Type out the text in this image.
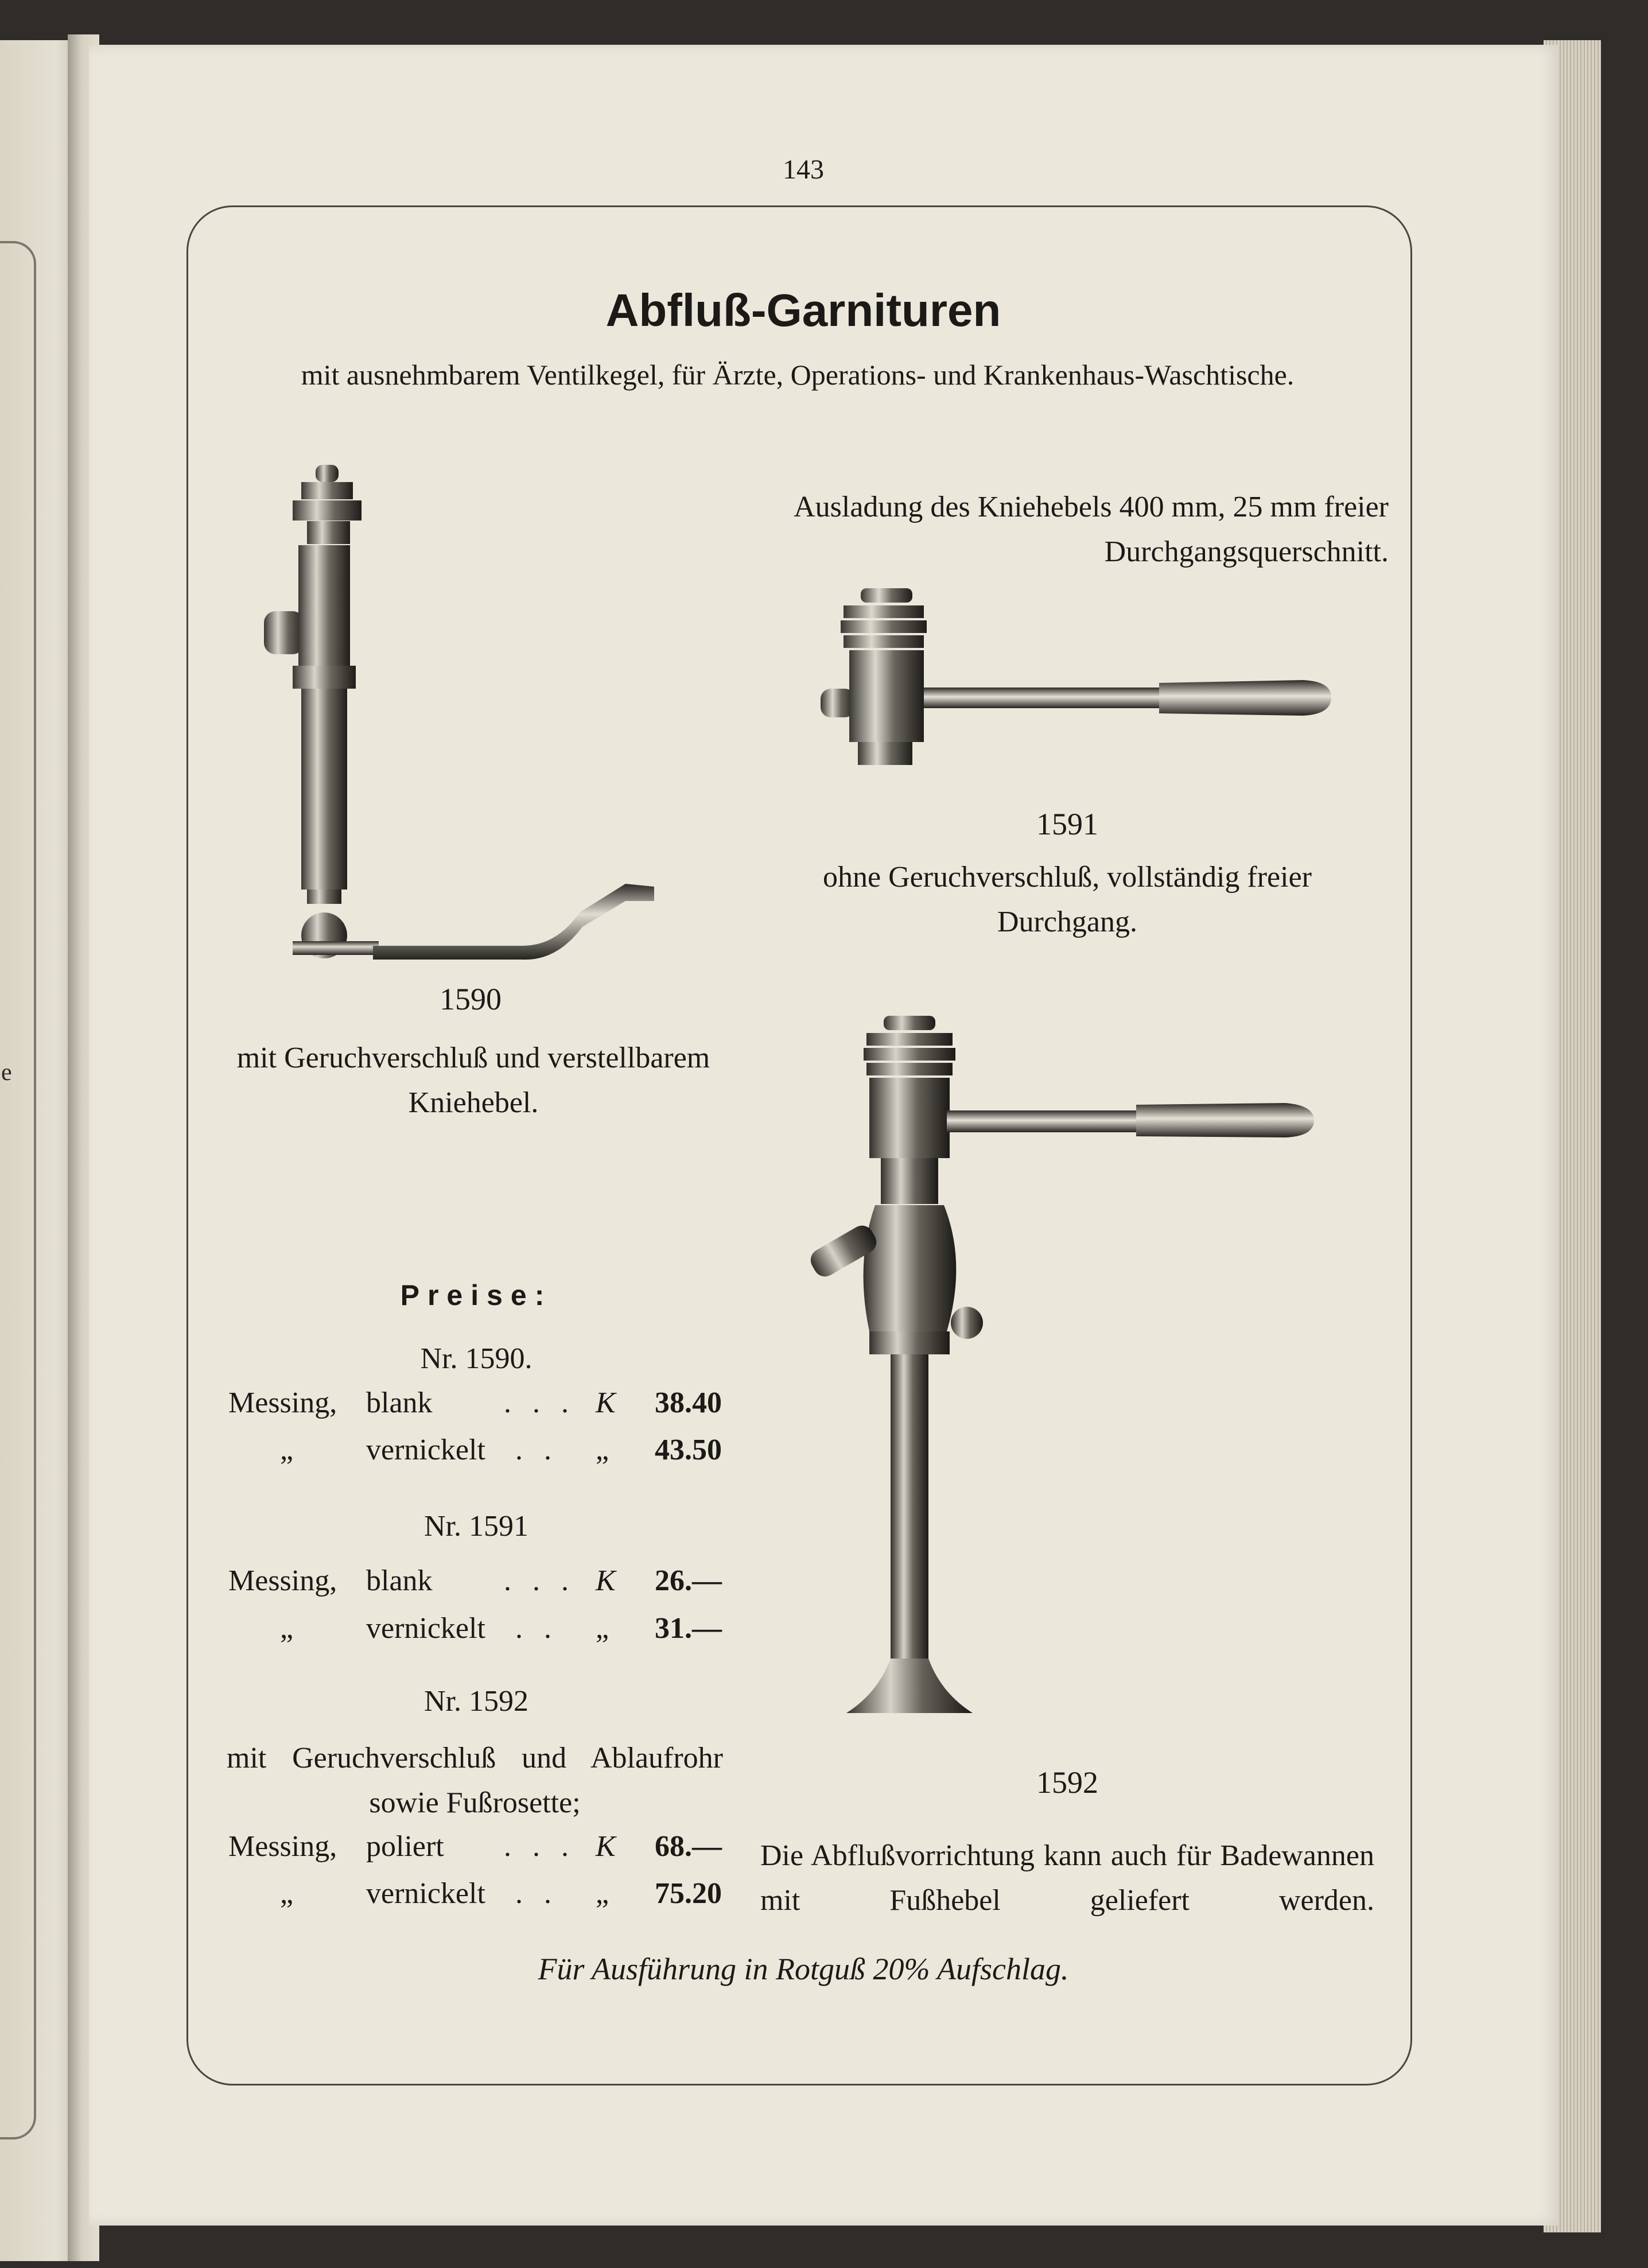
e
143
Abfluß-Garnituren
mit ausnehmbarem Ventilkegel, für Ärzte, Operations- und Krankenhaus-Waschtische.
Ausladung des Kniehebels 400 mm, 25 mm freier Durchgangsquerschnitt.
1590
mit Geruchverschluß und verstellbarem Kniehebel.
1591
ohne Geruchverschluß, vollständig freier Durchgang.
1592
Die Abflußvorrichtung kann auch für Badewannen mit Fußhebel geliefert werden.
Preise:
Nr. 1590.
Messing, blank . . . K	38.40
„ vernickelt . . „	43.50
Nr. 1591
Messing, blank . . . K	26.—
„ vernickelt . . „	31.—
Nr. 1592
mit Geruchverschluß und Ablaufrohr sowie Fußrosette;
Messing, poliert . . . K	68.—
„ vernickelt . . „	75.20
Für Ausführung in Rotguß 20% Aufschlag.
